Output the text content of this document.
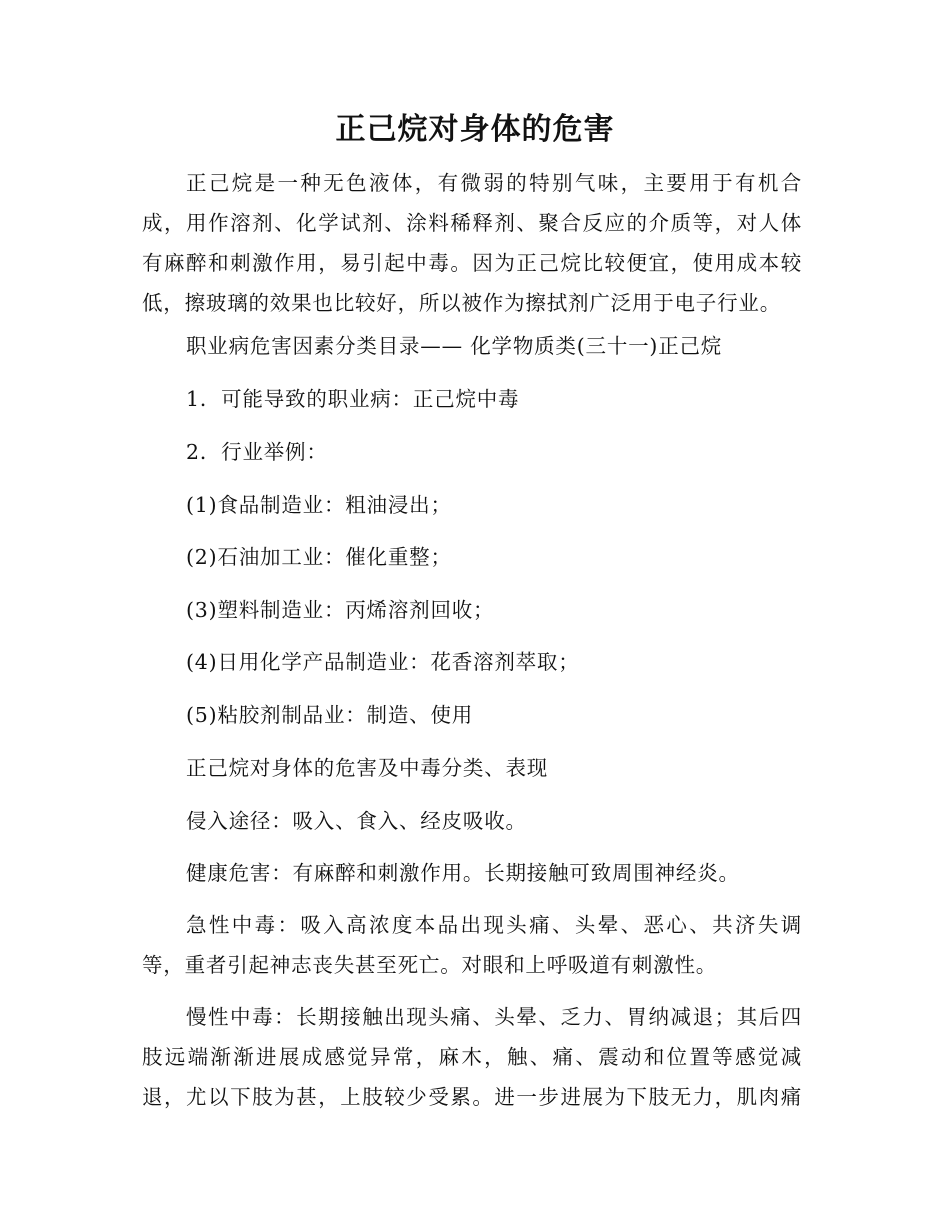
正己烷对身体的危害
正己烷是一种无色液体，有微弱的特别气味，主要用于有机合
成，用作溶剂、化学试剂、涂料稀释剂、聚合反应的介质等，对人体
有麻醉和刺激作用，易引起中毒。因为正己烷比较便宜，使用成本较
低，擦玻璃的效果也比较好，所以被作为擦拭剂广泛用于电子行业。

职业病危害因素分类目录—— 化学物质类(三十一)正己烷

1．可能导致的职业病：正己烷中毒

2．行业举例：

(1)食品制造业：粗油浸出；

(2)石油加工业：催化重整；

(3)塑料制造业：丙烯溶剂回收；

(4)日用化学产品制造业：花香溶剂萃取；

(5)粘胶剂制品业：制造、使用

正己烷对身体的危害及中毒分类、表现

侵入途径：吸入、食入、经皮吸收。

健康危害：有麻醉和刺激作用。长期接触可致周围神经炎。

急性中毒：吸入高浓度本品出现头痛、头晕、恶心、共济失调
等，重者引起神志丧失甚至死亡。对眼和上呼吸道有刺激性。
慢性中毒：长期接触出现头痛、头晕、乏力、胃纳减退；其后四
肢远端渐渐进展成感觉异常，麻木，触、痛、震动和位置等感觉减
退，尤以下肢为甚，上肢较少受累。进一步进展为下肢无力，肌肉痛
